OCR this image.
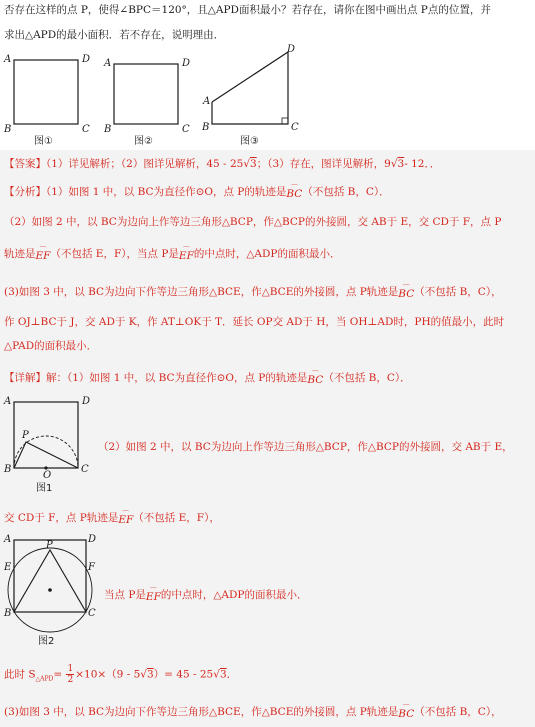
否存在这样的点 P，使得∠BPC＝120°，且△APD面积最小？若存在，请你在图中画出点 P点的位置，并
求出△APD的最小面积．若不存在，说明理由．
A	D
B	C
图①
A	D
B	C
图②
A
D
B	C
图③
【答案】（1）详见解析；（2）图详见解析，45 - 25√3；（3）存在，图详见解析，9√3- 12．．
【分析】（1）如图 1 中，以 BC为直径作⊙O，点 P的轨迹是⌒ BC（不包括 B，C）．
（2）如图 2 中，以 BC为边向上作等边三角形△BCP，作△BCP的外接圆，交 AB于 E，交 CD于 F，点 P
轨迹是⌒ EF（不包括 E，F），当点 P是⌒ EF的中点时，△ADP的面积最小．
(3)如图 3 中，以 BC为边向下作等边三角形△BCE，作△BCE的外接圆，点 P轨迹是⌒ BC（不包括 B，C），
作 OJ⊥BC于 J，交 AD于 K，作 AT⊥OK于 T．延长 OP交 AD于 H，当 OH⊥AD时，PH的值最小，此时
△PAD的面积最小．
【详解】解：（1）如图 1 中，以 BC为直径作⊙O，点 P的轨迹是⌒ BC（不包括 B，C）．
A	D
P
B	C
O
图1
（2）如图 2 中，以 BC为边向上作等边三角形△BCP，作△BCP的外接圆，交 AB于 E，
交 CD于 F，点 P轨迹是⌒ EF（不包括 E，F），
A	D
P
E	F
B	C
图2
当点 P是⌒ EF的中点时，△ADP的面积最小．
此时 $S_{\triangle APD}= \frac{1}{2} \times 10\times(9 - 5√3)= 45 - 25√3$．
(3)如图 3 中，以 BC为边向下作等边三角形△BCE，作△BCE的外接圆，点 P轨迹是⌒ BC（不包括 B，C），
